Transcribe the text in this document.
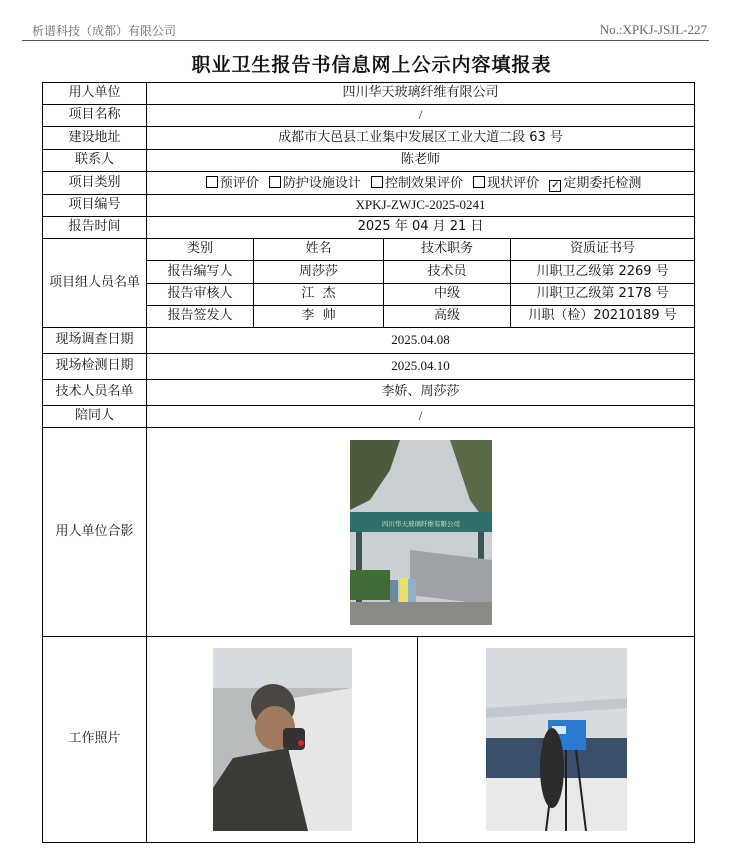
析谱科技（成都）有限公司	No.:XPKJ-JSJL-227
职业卫生报告书信息网上公示内容填报表
用人单位	四川华天玻璃纤维有限公司				
项目名称	/				
建设地址	成都市大邑县工业集中发展区工业大道二段 63 号				
联系人	陈老师				
项目类别	预评价 防护设施设计 控制效果评价 现状评价 ✓ 定期委托检测				
项目编号	XPKJ-ZWJC-2025-0241				
报告时间	2025 年 04 月 21 日				
项目组人员名单	类别	姓名	技术职务		资质证书号
	报告编写人	周莎莎	技术员		川职卫乙级第 2269 号
	报告审核人	江  杰	中级		川职卫乙级第 2178 号
	报告签发人	李  帅	高级		川职（检）20210189 号
现场调查日期	2025.04.08				
现场检测日期	2025.04.10				
技术人员名单	李娇、周莎莎				
陪同人	/				
用人单位合影	四川华天玻璃纤维有限公司				

工作照片	
